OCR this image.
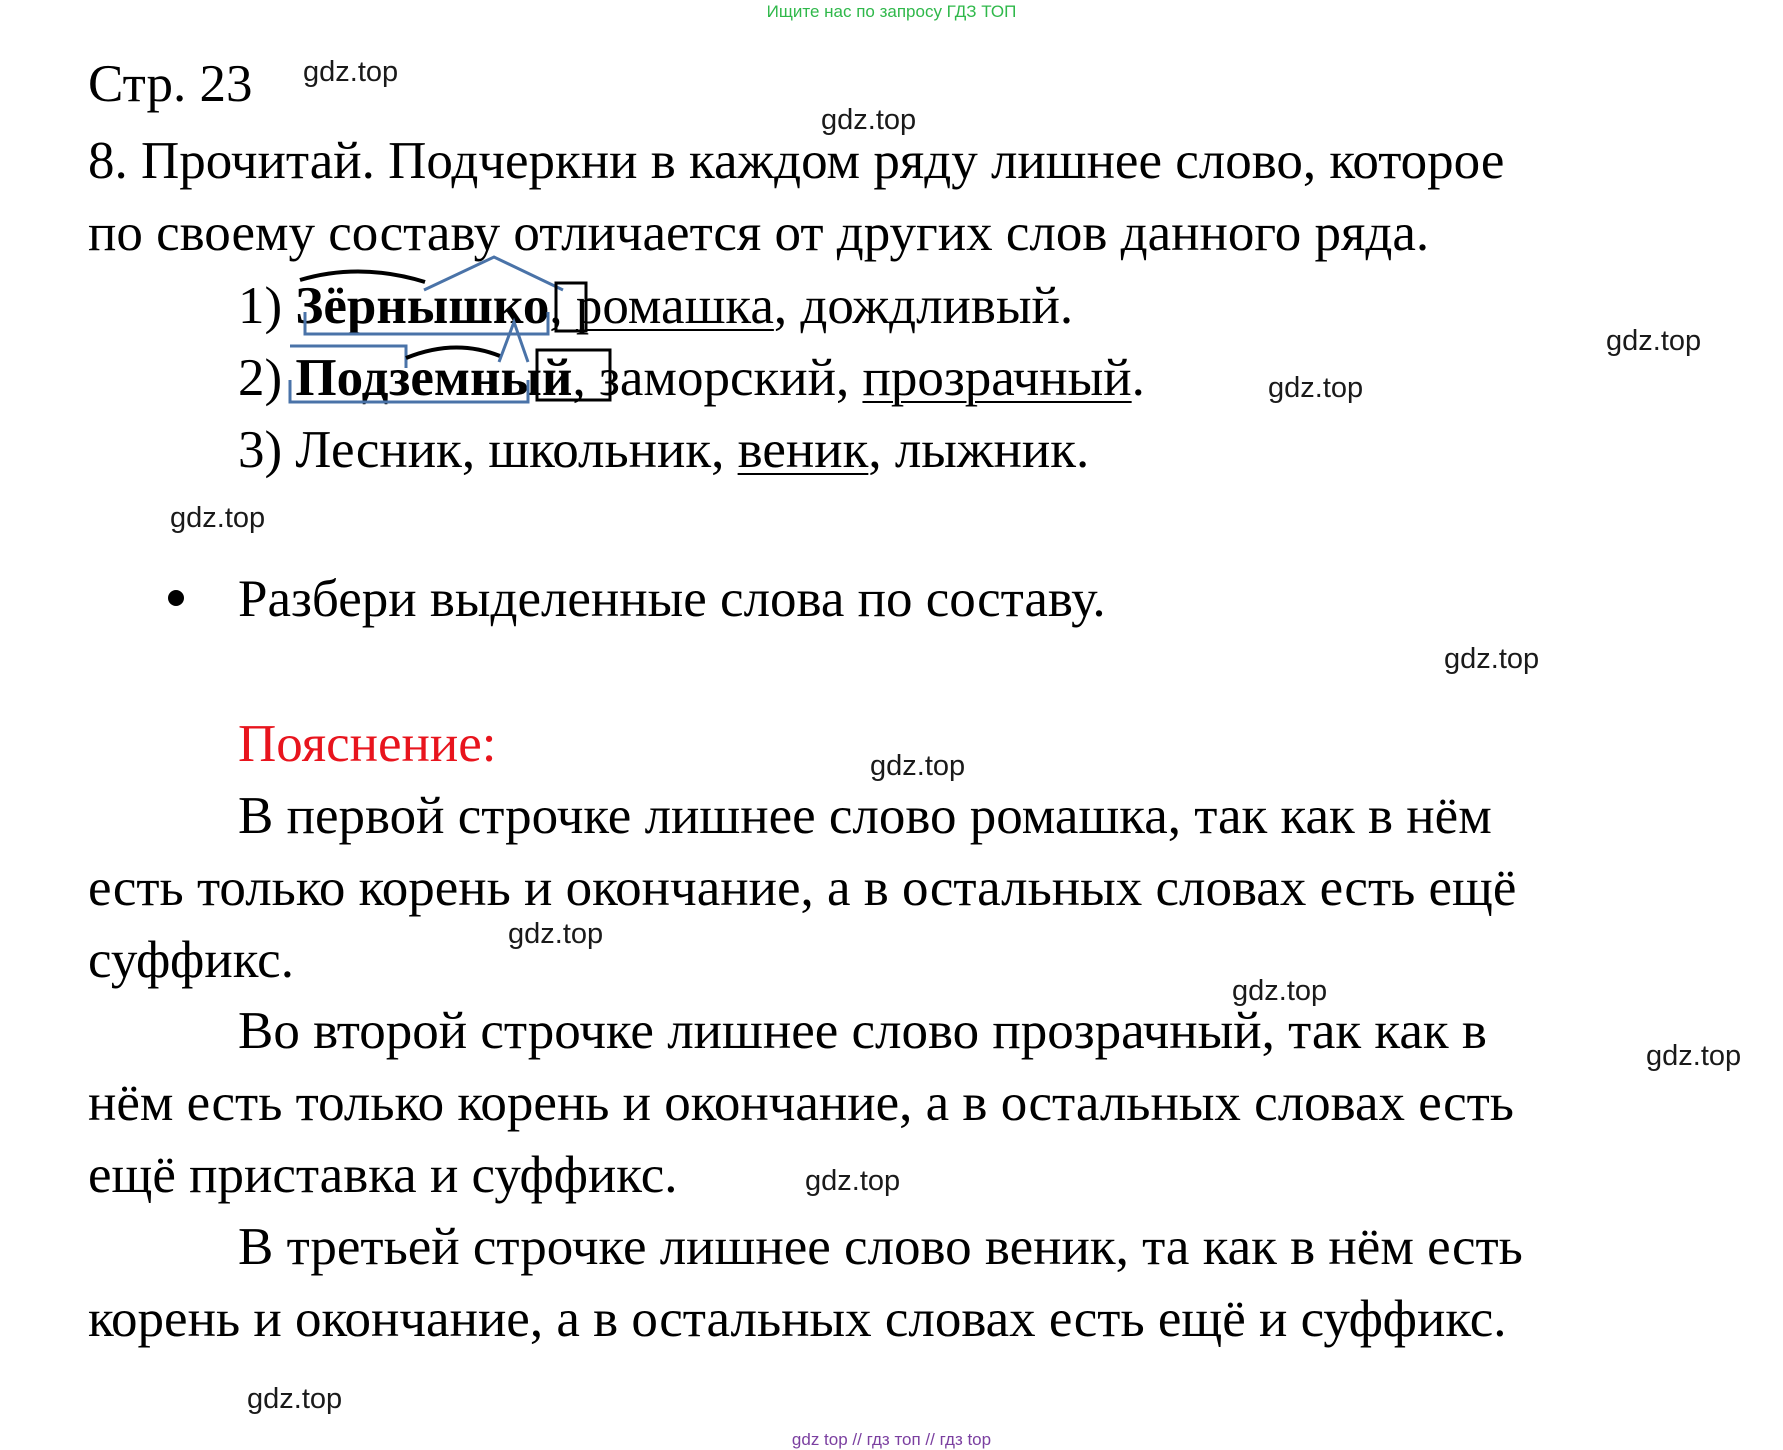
Ищите нас по запросу ГДЗ ТОП
Стр. 23
8. Прочитай. Подчеркни в каждом ряду лишнее слово, которое
по своему составу отличается от других слов данного ряда.
1) Зёрнышко, ромашка, дождливый.
2) Подземный, заморский, прозрачный.
3) Лесник, школьник, веник, лыжник.
Разбери выделенные слова по составу.
Пояснение:
В первой строчке лишнее слово ромашка, так как в нём
есть только корень и окончание, а в остальных словах есть ещё
суффикс.
Во второй строчке лишнее слово прозрачный, так как в
нём есть только корень и окончание, а в остальных словах есть
ещё приставка и суффикс.
В третьей строчке лишнее слово веник, та как в нём есть
корень и окончание, а в остальных словах есть ещё и суффикс.
gdz.top
gdz.top
gdz.top
gdz.top
gdz.top
gdz.top
gdz.top
gdz.top
gdz.top
gdz.top
gdz.top
gdz.top
gdz top // гдз топ // гдз top
